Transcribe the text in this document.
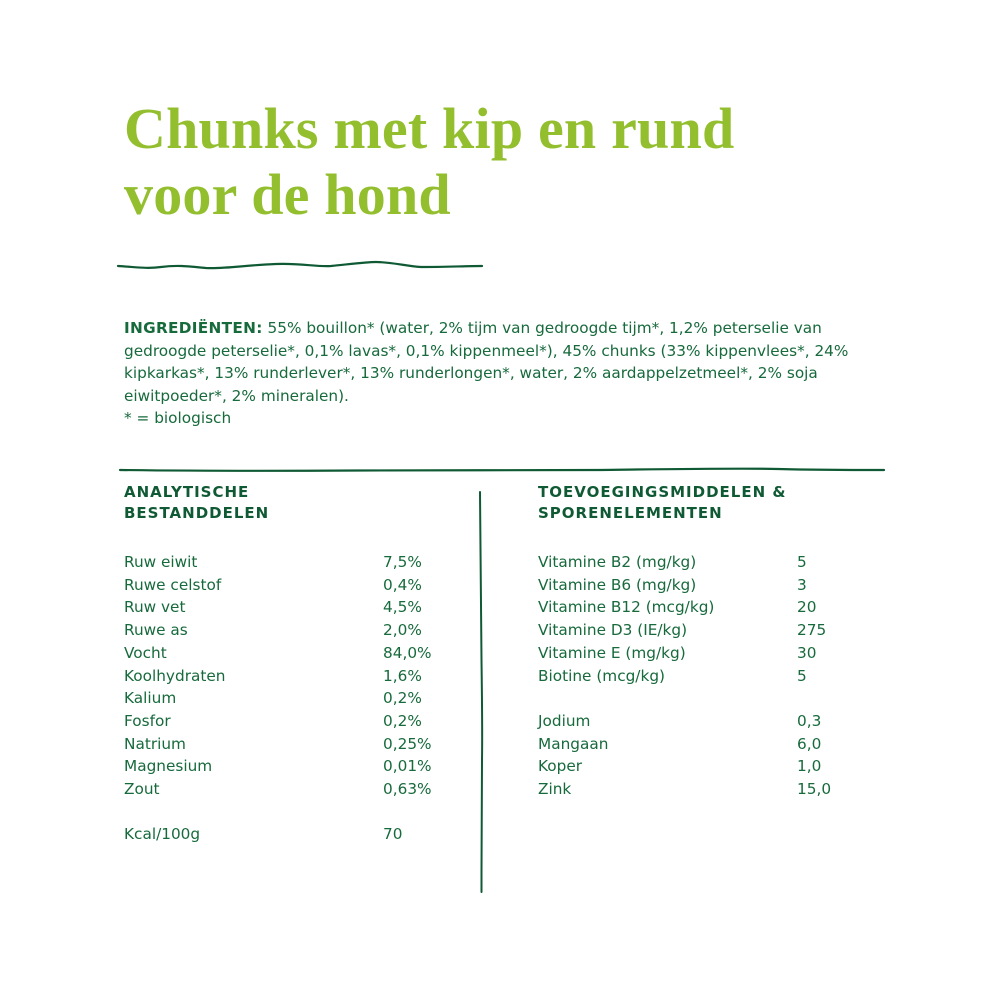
Chunks met kip en rund
voor de hond

INGREDIËNTEN: 55% bouillon* (water, 2% tijm van gedroogde tijm*, 1,2% peterselie van gedroogde peterselie*, 0,1% lavas*, 0,1% kippenmeel*), 45% chunks (33% kippenvlees*, 24% kipkarkas*, 13% runderlever*, 13% runderlongen*, water, 2% aardappelzetmeel*, 2% soja eiwitpoeder*, 2% mineralen).
* = biologisch

ANALYTISCHE
BESTANDDELEN
Ruw eiwit	7,5%
Ruwe celstof	0,4%
Ruw vet	4,5%
Ruwe as	2,0%
Vocht	84,0%
Koolhydraten	1,6%
Kalium	0,2%
Fosfor	0,2%
Natrium	0,25%
Magnesium	0,01%
Zout	0,63%
Kcal/100g	70
TOEVOEGINGSMIDDELEN &
SPORENELEMENTEN
Vitamine B2 (mg/kg)	5
Vitamine B6 (mg/kg)	3
Vitamine B12 (mcg/kg)	20
Vitamine D3 (IE/kg)	275
Vitamine E (mg/kg)	30
Biotine (mcg/kg)	5
Jodium	0,3
Mangaan	6,0
Koper	1,0
Zink	15,0
